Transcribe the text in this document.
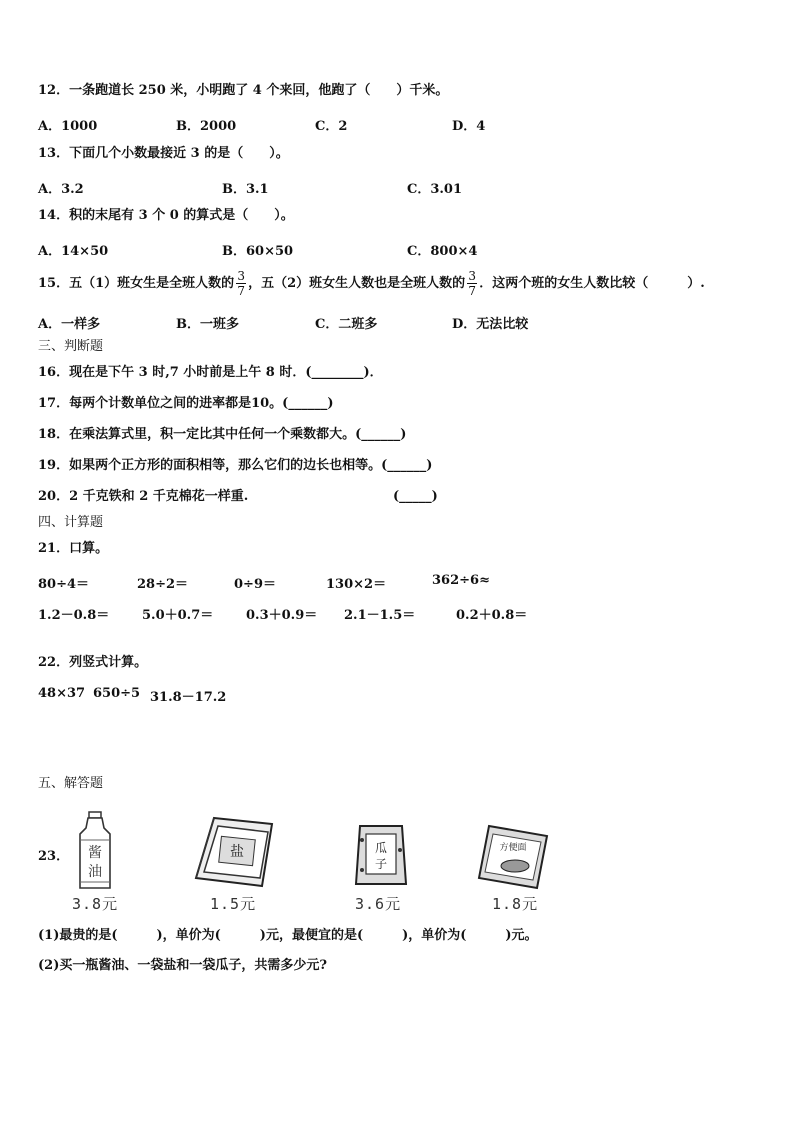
12．一条跑道长 250 米，小明跑了 4 个来回，他跑了（　　）千米。
A．1000	B．2000	C．2	D．4
13．下面几个小数最接近 3 的是（　　）。
A．3.2	B．3.1	C．3.01
14．积的末尾有 3 个 0 的算式是（　　）。
A．14×50	B．60×50	C．800×4
15．五（1）班女生是全班人数的 $\frac{3}{7}$ ，五（2）班女生人数也是全班人数的 $\frac{3}{7}$ ．这两个班的女生人数比较（　　　）.
A．一样多	B．一班多	C．二班多	D．无法比较
三、判断题
16．现在是下午 3 时,7 小时前是上午 8 时．(________)．
17．每两个计数单位之间的进率都是10。(______)
18．在乘法算式里，积一定比其中任何一个乘数都大。(______)
19．如果两个正方形的面积相等，那么它们的边长也相等。(______)
20．2 千克铁和 2 千克棉花一样重.	(_____)
四、计算题
21．口算。
80÷4＝	28÷2＝	0÷9＝	130×2＝	362÷6≈
1.2－0.8＝	5.0＋0.7＝	0.3＋0.9＝ 2.1－1.5＝	0.2＋0.8＝
22．列竖式计算。
48×37 650÷5 31.8－17.2
五、解答题
23． 酱
油
3.8元
盐
1.5元
瓜
子
3.6元
方便面
1.8元
(1)最贵的是(　　　)，单价为(　　　)元，最便宜的是(　　　)，单价为(　　　)元。
(2)买一瓶酱油、一袋盐和一袋瓜子，共需多少元?
